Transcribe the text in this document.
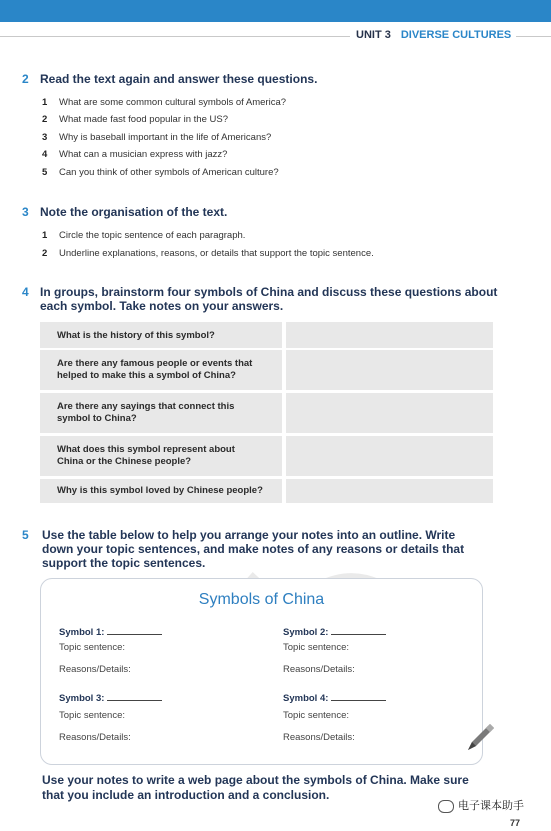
UNIT 3 DIVERSE CULTURES
2 Read the text again and answer these questions.
1 What are some common cultural symbols of America?
2 What made fast food popular in the US?
3 Why is baseball important in the life of Americans?
4 What can a musician express with jazz?
5 Can you think of other symbols of American culture?
3 Note the organisation of the text.
1 Circle the topic sentence of each paragraph.
2 Underline explanations, reasons, or details that support the topic sentence.
4 In groups, brainstorm four symbols of China and discuss these questions about
each symbol. Take notes on your answers.
What is the history of this symbol?
Are there any famous people or events that
helped to make this a symbol of China?
Are there any sayings that connect this
symbol to China?
What does this symbol represent about
China or the Chinese people?
Why is this symbol loved by Chinese people?
5 Use the table below to help you arrange your notes into an outline. Write
down your topic sentences, and make notes of any reasons or details that
support the topic sentences.
Symbols of China
Symbol 1:
Topic sentence:
Reasons/Details:
Symbol 2:
Topic sentence:
Reasons/Details:
Symbol 3:
Topic sentence:
Reasons/Details:
Symbol 4:
Topic sentence:
Reasons/Details:
Use your notes to write a web page about the symbols of China. Make sure
that you include an introduction and a conclusion.
电子课本助手
77
